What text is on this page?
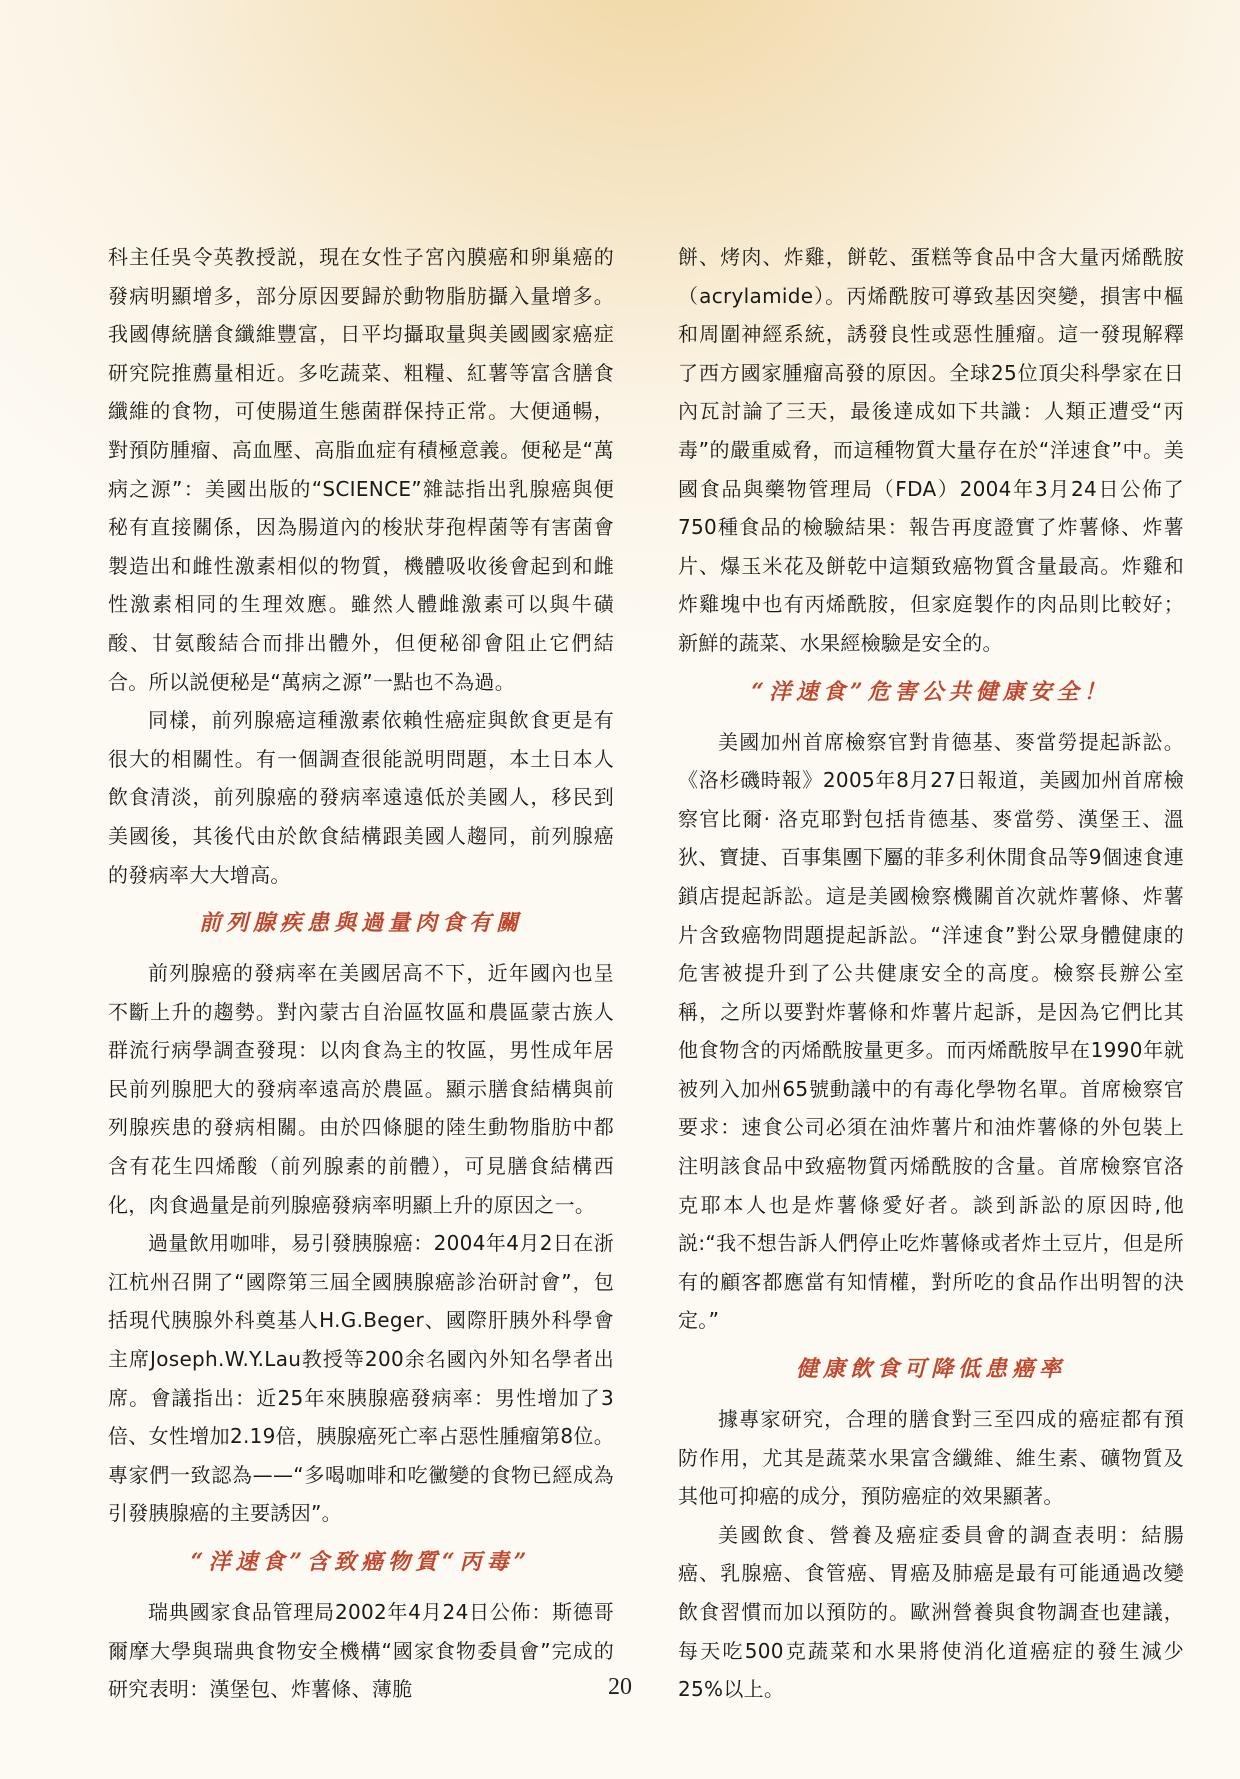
科主任吳令英教授説，現在女性子宮內膜癌和卵巢癌的發病明顯增多，部分原因要歸於動物脂肪攝入量增多。我國傳統膳食纖維豐富，日平均攝取量與美國國家癌症研究院推薦量相近。多吃蔬菜、粗糧、紅薯等富含膳食纖維的食物，可使腸道生態菌群保持正常。大便通暢，對預防腫瘤、高血壓、高脂血症有積極意義。便秘是“萬病之源”：美國出版的“SCIENCE”雜誌指出乳腺癌與便秘有直接關係，因為腸道內的梭狀芽孢桿菌等有害菌會製造出和雌性激素相似的物質，機體吸收後會起到和雌性激素相同的生理效應。雖然人體雌激素可以與牛磺酸、甘氨酸結合而排出體外，但便秘卻會阻止它們結合。所以説便秘是“萬病之源”一點也不為過。

同樣，前列腺癌這種激素依賴性癌症與飲食更是有很大的相關性。有一個調查很能説明問題，本土日本人飲食清淡，前列腺癌的發病率遠遠低於美國人，移民到美國後，其後代由於飲食結構跟美國人趨同，前列腺癌的發病率大大增高。

前列腺疾患與過量肉食有關

前列腺癌的發病率在美國居高不下，近年國內也呈不斷上升的趨勢。對內蒙古自治區牧區和農區蒙古族人群流行病學調查發現：以肉食為主的牧區，男性成年居民前列腺肥大的發病率遠高於農區。顯示膳食結構與前列腺疾患的發病相關。由於四條腿的陸生動物脂肪中都含有花生四烯酸（前列腺素的前體），可見膳食結構西化，肉食過量是前列腺癌發病率明顯上升的原因之一。

過量飲用咖啡，易引發胰腺癌：2004年4月2日在浙江杭州召開了“國際第三屆全國胰腺癌診治研討會”，包括現代胰腺外科奠基人H.G.Beger、國際肝胰外科學會主席Joseph.W.Y.Lau教授等200余名國內外知名學者出席。會議指出：近25年來胰腺癌發病率：男性增加了3倍、女性增加2.19倍，胰腺癌死亡率占惡性腫瘤第8位。專家們一致認為——“多喝咖啡和吃黴變的食物已經成為引發胰腺癌的主要誘因”。

“洋速食”含致癌物質“丙毒”

瑞典國家食品管理局2002年4月24日公佈：斯德哥爾摩大學與瑞典食物安全機構“國家食物委員會”完成的研究表明：漢堡包、炸薯條、薄脆

餅、烤肉、炸雞，餅乾、蛋糕等食品中含大量丙烯酰胺（acrylamide）。丙烯酰胺可導致基因突變，損害中樞和周圍神經系統，誘發良性或惡性腫瘤。這一發現解釋了西方國家腫瘤高發的原因。全球25位頂尖科學家在日內瓦討論了三天，最後達成如下共識：人類正遭受“丙毒”的嚴重威脅，而這種物質大量存在於“洋速食”中。美國食品與藥物管理局（FDA）2004年3月24日公佈了750種食品的檢驗結果：報告再度證實了炸薯條、炸薯片、爆玉米花及餅乾中這類致癌物質含量最高。炸雞和炸雞塊中也有丙烯酰胺，但家庭製作的肉品則比較好；新鮮的蔬菜、水果經檢驗是安全的。

“洋速食”危害公共健康安全！

美國加州首席檢察官對肯德基、麥當勞提起訴訟。《洛杉磯時報》2005年8月27日報道，美國加州首席檢察官比爾· 洛克耶對包括肯德基、麥當勞、漢堡王、溫狄、寶捷、百事集團下屬的菲多利休閒食品等9個速食連鎖店提起訴訟。這是美國檢察機關首次就炸薯條、炸薯片含致癌物問題提起訴訟。“洋速食”對公眾身體健康的危害被提升到了公共健康安全的高度。檢察長辦公室稱，之所以要對炸薯條和炸薯片起訴，是因為它們比其他食物含的丙烯酰胺量更多。而丙烯酰胺早在1990年就被列入加州65號動議中的有毒化學物名單。首席檢察官要求：速食公司必須在油炸薯片和油炸薯條的外包裝上注明該食品中致癌物質丙烯酰胺的含量。首席檢察官洛克耶本人也是炸薯條愛好者。談到訴訟的原因時,他説:“我不想告訴人們停止吃炸薯條或者炸土豆片，但是所有的顧客都應當有知情權，對所吃的食品作出明智的決定。”

健康飲食可降低患癌率

據專家研究，合理的膳食對三至四成的癌症都有預防作用，尤其是蔬菜水果富含纖維、維生素、礦物質及其他可抑癌的成分，預防癌症的效果顯著。

美國飲食、營養及癌症委員會的調查表明：結腸癌、乳腺癌、食管癌、胃癌及肺癌是最有可能通過改變飲食習慣而加以預防的。歐洲營養與食物調查也建議，每天吃500克蔬菜和水果將使消化道癌症的發生減少25%以上。

20
